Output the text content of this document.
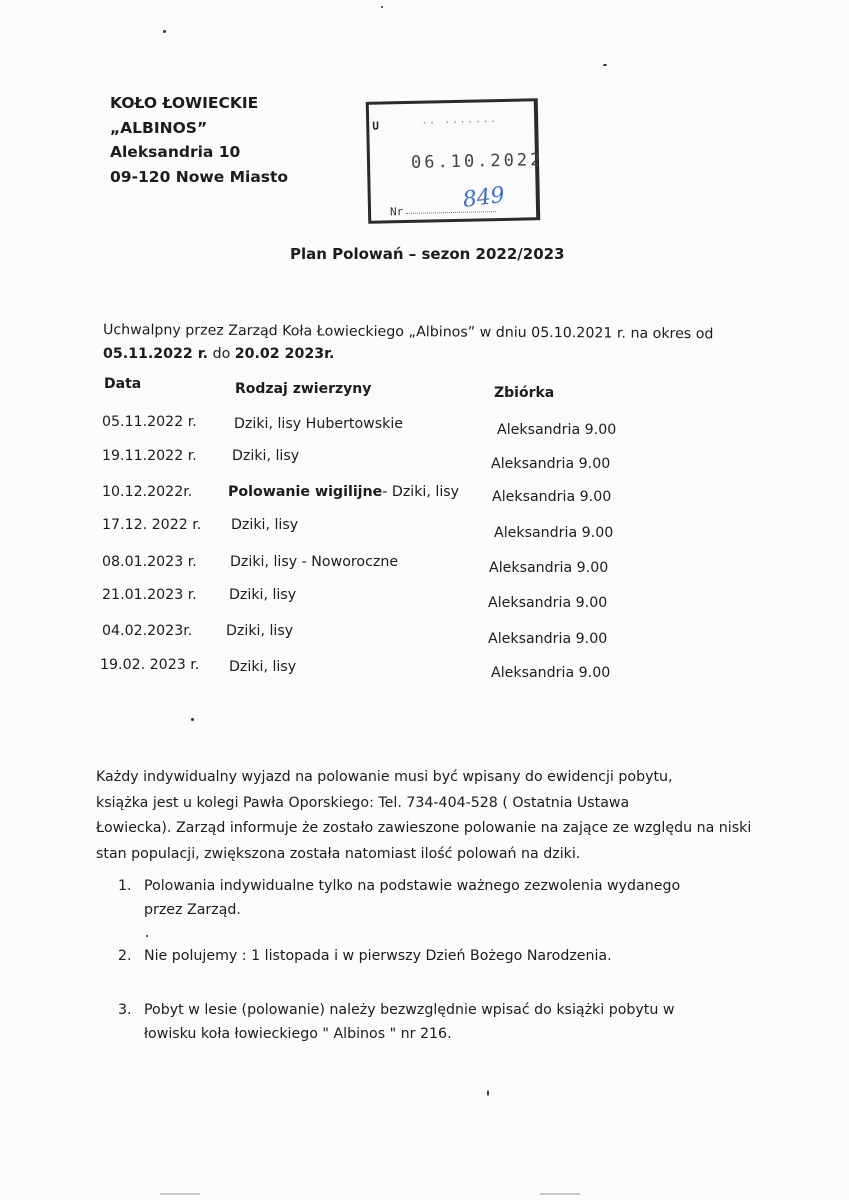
KOŁO ŁOWIECKIE
„ALBINOS”
Aleksandria 10
09-120 Nowe Miasto
U	·· ·······
06.10.2022
Nr	849
Plan Polowań – sezon 2022/2023
Uchwalpny przez Zarząd Koła Łowieckiego „Albinos” w dniu 05.10.2021 r. na okres od
05.11.2022 r. do 20.02 2023r.
Data	Rodzaj zwierzyny	Zbiórka
05.11.2022 r.	Dziki, lisy Hubertowskie	Aleksandria 9.00
19.11.2022 r. Dziki, lisy	Aleksandria 9.00
10.12.2022r.	Polowanie wigilijne- Dziki, lisy Aleksandria 9.00
17.12. 2022 r. Dziki, lisy	Aleksandria 9.00
08.01.2023 r. Dziki, lisy - Noworoczne	Aleksandria 9.00
21.01.2023 r. Dziki, lisy	Aleksandria 9.00
04.02.2023r. Dziki, lisy	Aleksandria 9.00
19.02. 2023 r. Dziki, lisy	Aleksandria 9.00
Każdy indywidualny wyjazd na polowanie musi być wpisany do ewidencji pobytu,
książka jest u kolegi Pawła Oporskiego: Tel. 734-404-528 ( Ostatnia Ustawa
Łowiecka). Zarząd informuje że zostało zawieszone polowanie na zające ze względu na niski
stan populacji, zwiększona została natomiast ilość polowań na dziki.
1. Polowania indywidualne tylko na podstawie ważnego zezwolenia wydanego
przez Zarząd.
2. Nie polujemy : 1 listopada i w pierwszy Dzień Bożego Narodzenia.
3. Pobyt w lesie (polowanie) należy bezwzględnie wpisać do książki pobytu w
łowisku koła łowieckiego " Albinos " nr 216.
